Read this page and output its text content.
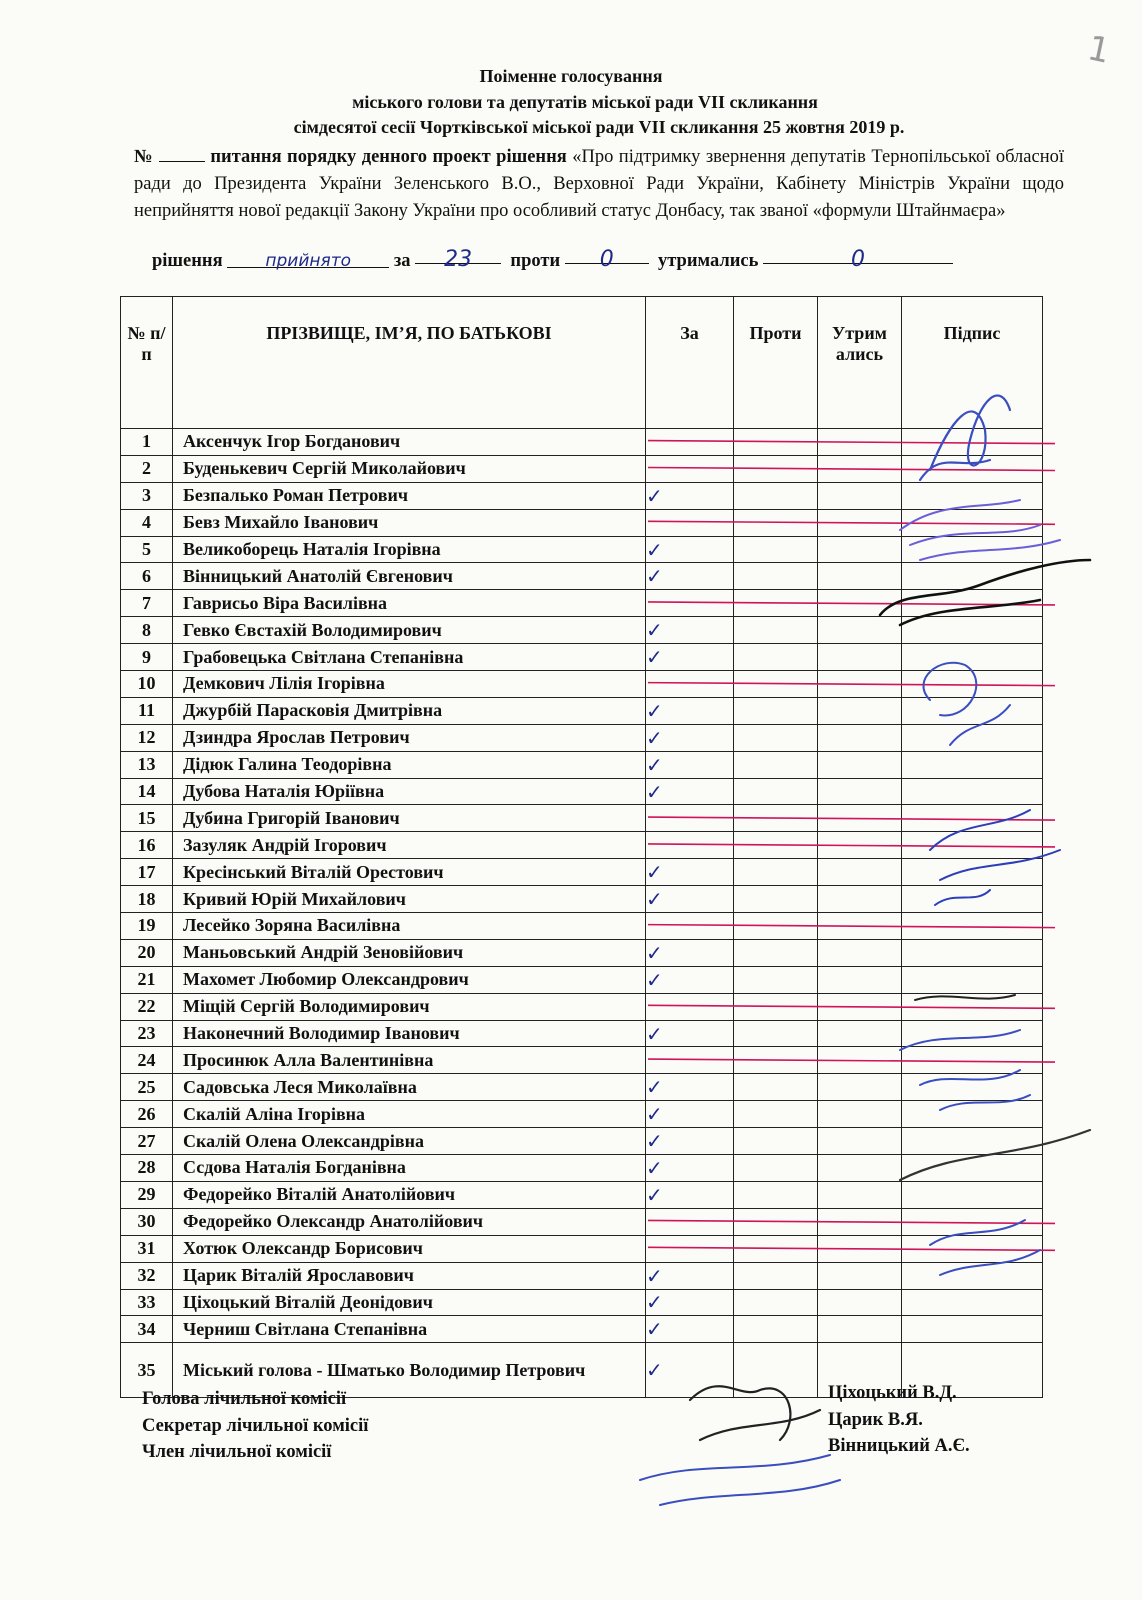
1
Поіменне голосування
міського голови та депутатів міської ради VII скликання
сімдесятої сесії Чортківської міської ради VII скликання 25 жовтня 2019 р.
№	питання порядку денного проект рішення «Про підтримку звернення депутатів Тернопільської обласної ради до Президента України Зеленського В.О., Верховної Ради України, Кабінету Міністрів України щодо неприйняття нової редакції Закону України про особливий статус Донбасу, так званої «формули Штайнмаєра»
рішення	прийнято за 23 проти 0 утримались	0
№ п/п	ПРІЗВИЩЕ, ІМ’Я, ПО БАТЬКОВІ	За	Проти	Утримались	Підпис
1	Аксенчук Ігор Богданович				
2	Буденькевич Сергій Миколайович				
3	Безпалько Роман Петрович	✓			
4	Бевз Михайло Іванович				
5	Великоборець Наталія Ігорівна	✓			
6	Вінницький Анатолій Євгенович	✓			
7	Гаврисьо Віра Василівна				
8	Гевко Євстахій Володимирович	✓			
9	Грабовецька Світлана Степанівна	✓			
10	Демкович Лілія Ігорівна				
11	Джурбій Парасковія Дмитрівна	✓			
12	Дзиндра Ярослав Петрович	✓			
13	Дідюк Галина Теодорівна	✓			
14	Дубова Наталія Юріївна	✓			
15	Дубина Григорій Іванович				
16	Зазуляк Андрій Ігорович				
17	Кресінський Віталій Орестович	✓			
18	Кривий Юрій Михайлович	✓			
19	Лесейко Зоряна Василівна				
20	Маньовський Андрій Зеновійович	✓			
21	Махомет Любомир Олександрович	✓			
22	Міщій Сергій Володимирович				
23	Наконечний Володимир Іванович	✓			
24	Просинюк Алла Валентинівна				
25	Садовська Леся Миколаївна	✓			
26	Скалій Аліна Ігорівна	✓			
27	Скалій Олена Олександрівна	✓			
28	Ссдова Наталія Богданівна	✓			
29	Федорейко Віталій Анатолійович	✓			
30	Федорейко Олександр Анатолійович				
31	Хотюк Олександр Борисович				
32	Царик Віталій Ярославович	✓			
33	Ціхоцький Віталій Деонідович	✓			
34	Черниш Світлана Степанівна	✓			
35	Міський голова - Шматько Володимир Петрович	✓			
Голова лічильної комісії
Секретар лічильної комісії
Член лічильної комісії
Ціхоцький В.Д.
Царик В.Я.
Вінницький А.Є.
